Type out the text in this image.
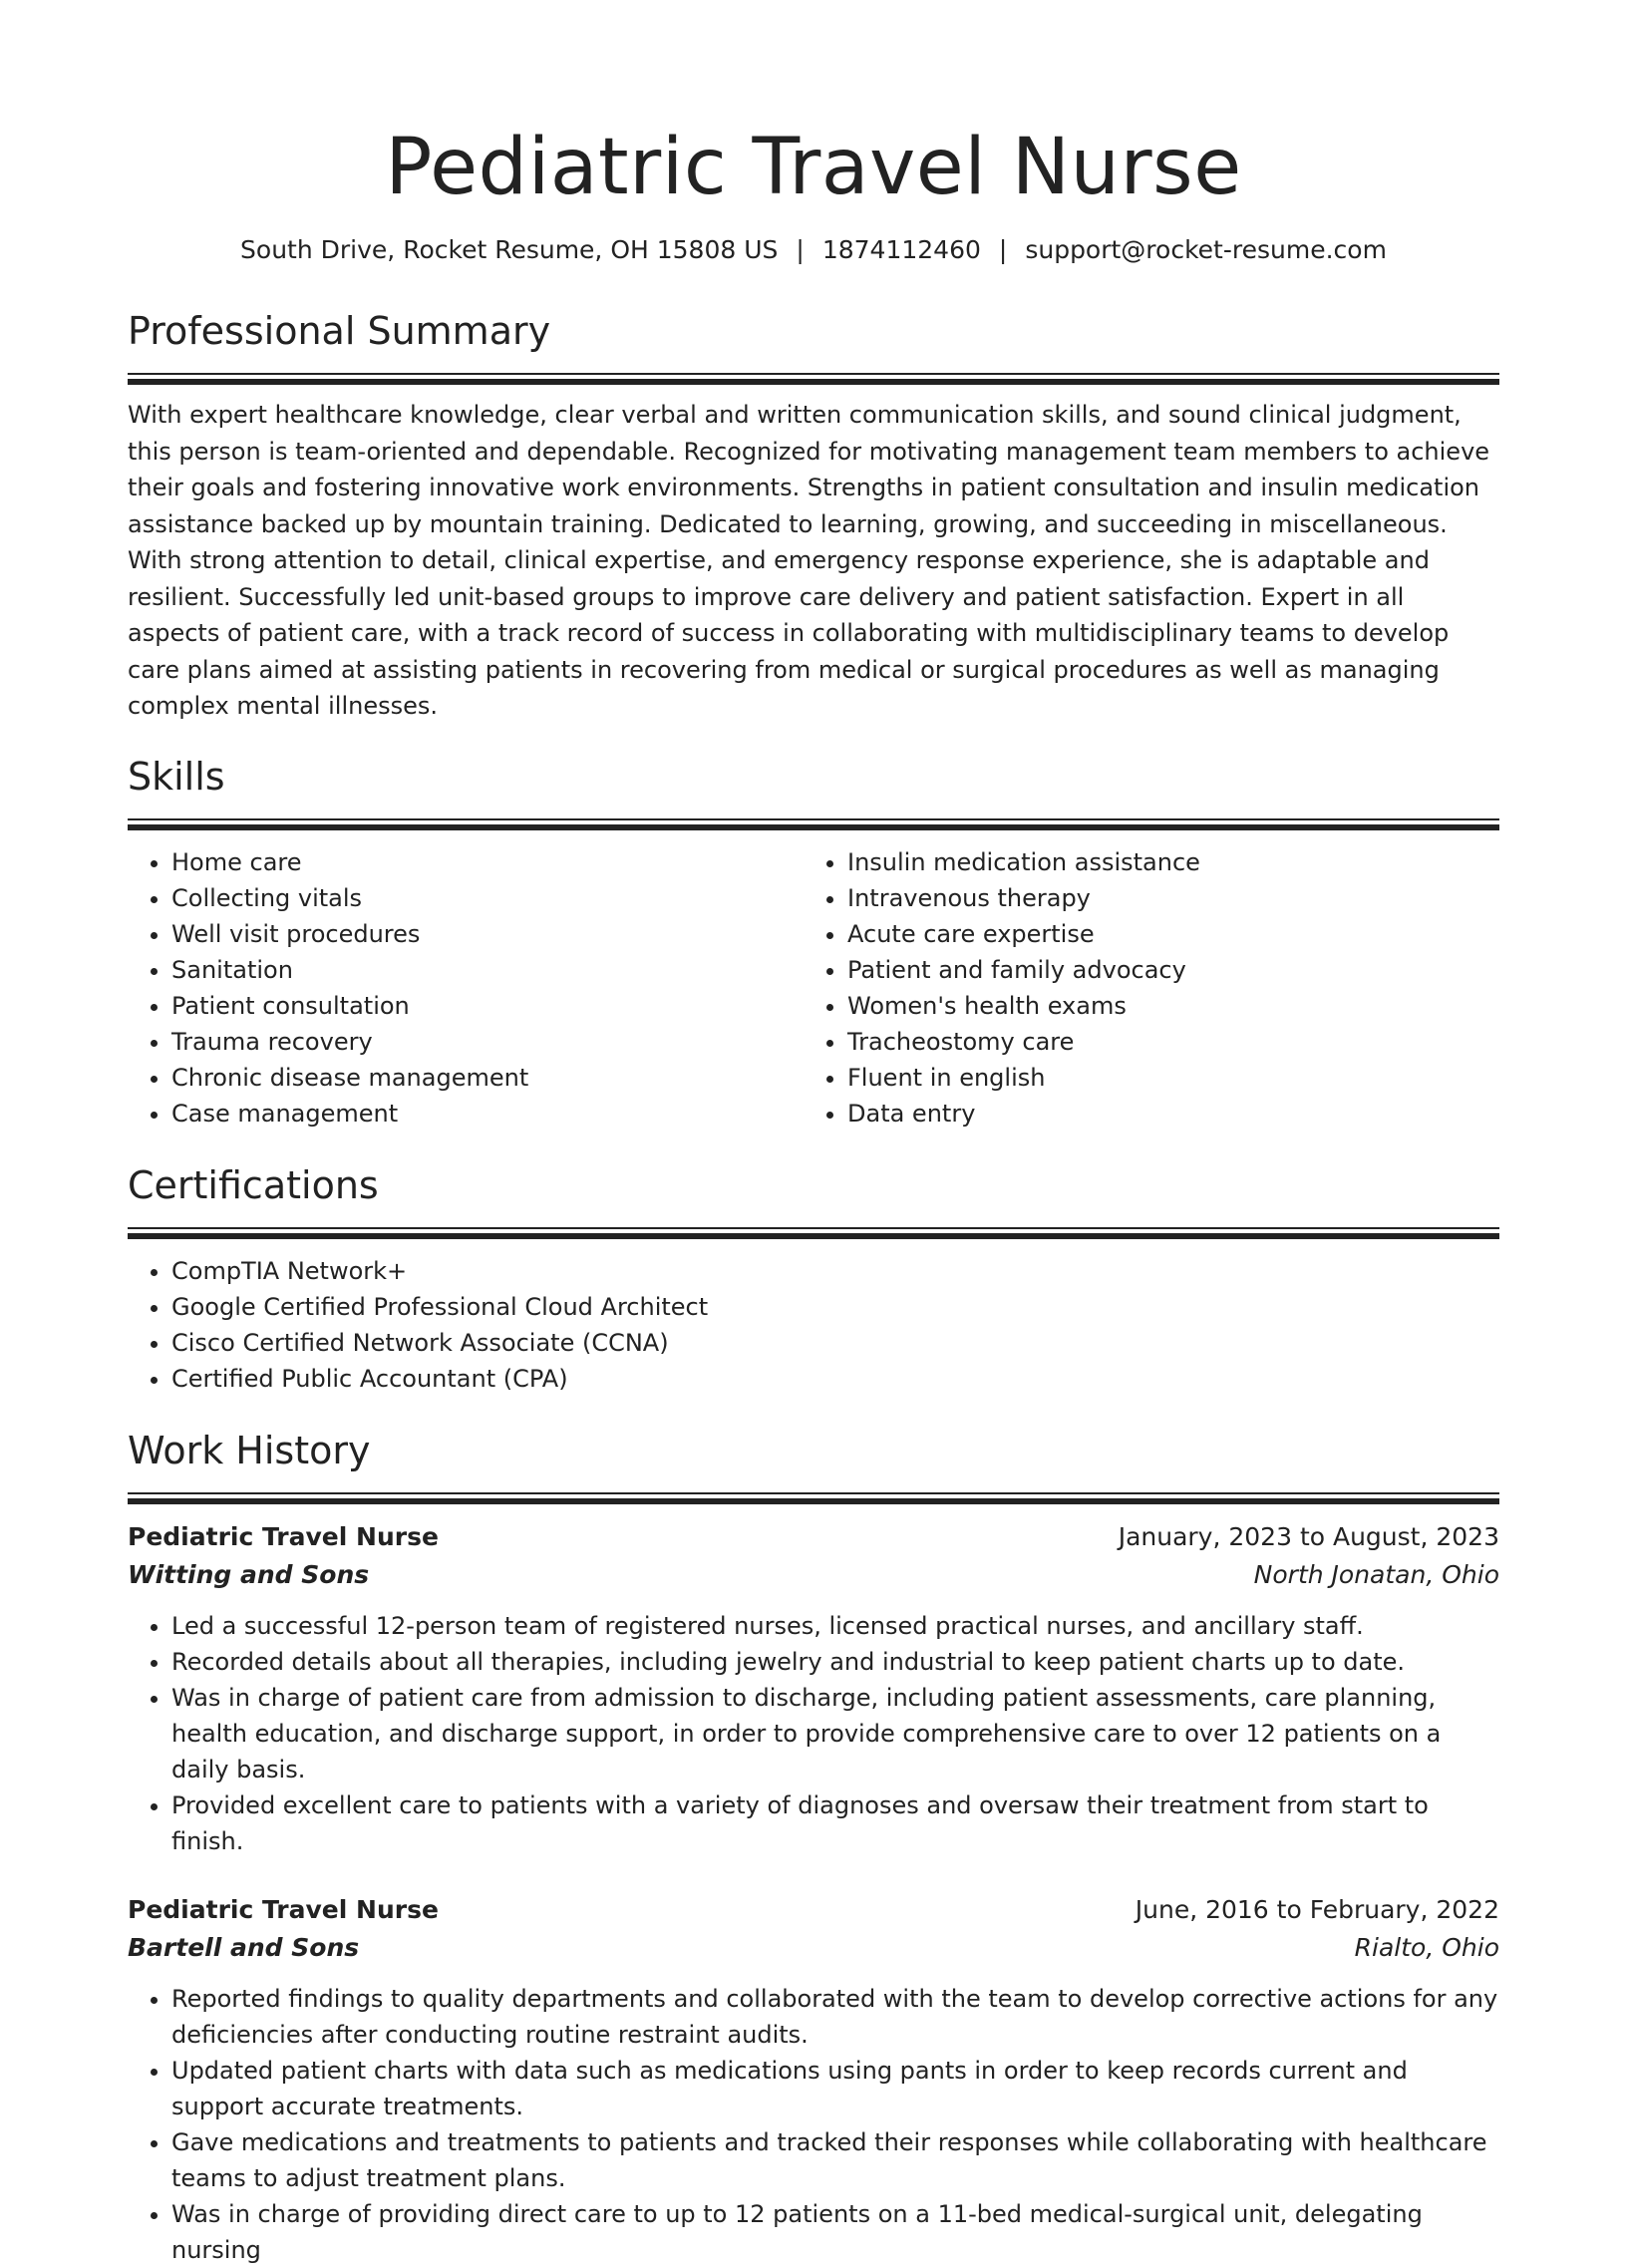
Pediatric Travel Nurse
South Drive, Rocket Resume, OH 15808 US | 1874112460 | support@rocket-resume.com
Professional Summary

With expert healthcare knowledge, clear verbal and written communication skills, and sound clinical judgment, this person is team-oriented and dependable. Recognized for motivating management team members to achieve their goals and fostering innovative work environments. Strengths in patient consultation and insulin medication assistance backed up by mountain training. Dedicated to learning, growing, and succeeding in miscellaneous. With strong attention to detail, clinical expertise, and emergency response experience, she is adaptable and resilient. Successfully led unit-based groups to improve care delivery and patient satisfaction. Expert in all aspects of patient care, with a track record of success in collaborating with multidisciplinary teams to develop care plans aimed at assisting patients in recovering from medical or surgical procedures as well as managing complex mental illnesses.

Skills
• Home care
• Collecting vitals
• Well visit procedures
• Sanitation
• Patient consultation
• Trauma recovery
• Chronic disease management
• Case management
• Insulin medication assistance
• Intravenous therapy
• Acute care expertise
• Patient and family advocacy
• Women's health exams
• Tracheostomy care
• Fluent in english
• Data entry
Certifications
• CompTIA Network+
• Google Certified Professional Cloud Architect
• Cisco Certified Network Associate (CCNA)
• Certified Public Accountant (CPA)
Work History
Pediatric Travel Nurse	January, 2023 to August, 2023
Witting and Sons	North Jonatan, Ohio
• Led a successful 12-person team of registered nurses, licensed practical nurses, and ancillary staff.
• Recorded details about all therapies, including jewelry and industrial to keep patient charts up to date.
• Was in charge of patient care from admission to discharge, including patient assessments, care planning, health education, and discharge support, in order to provide comprehensive care to over 12 patients on a daily basis.
• Provided excellent care to patients with a variety of diagnoses and oversaw their treatment from start to finish.
Pediatric Travel Nurse	June, 2016 to February, 2022
Bartell and Sons	Rialto, Ohio
• Reported findings to quality departments and collaborated with the team to develop corrective actions for any deficiencies after conducting routine restraint audits.
• Updated patient charts with data such as medications using pants in order to keep records current and support accurate treatments.
• Gave medications and treatments to patients and tracked their responses while collaborating with healthcare teams to adjust treatment plans.
• Was in charge of providing direct care to up to 12 patients on a 11-bed medical-surgical unit, delegating nursing
